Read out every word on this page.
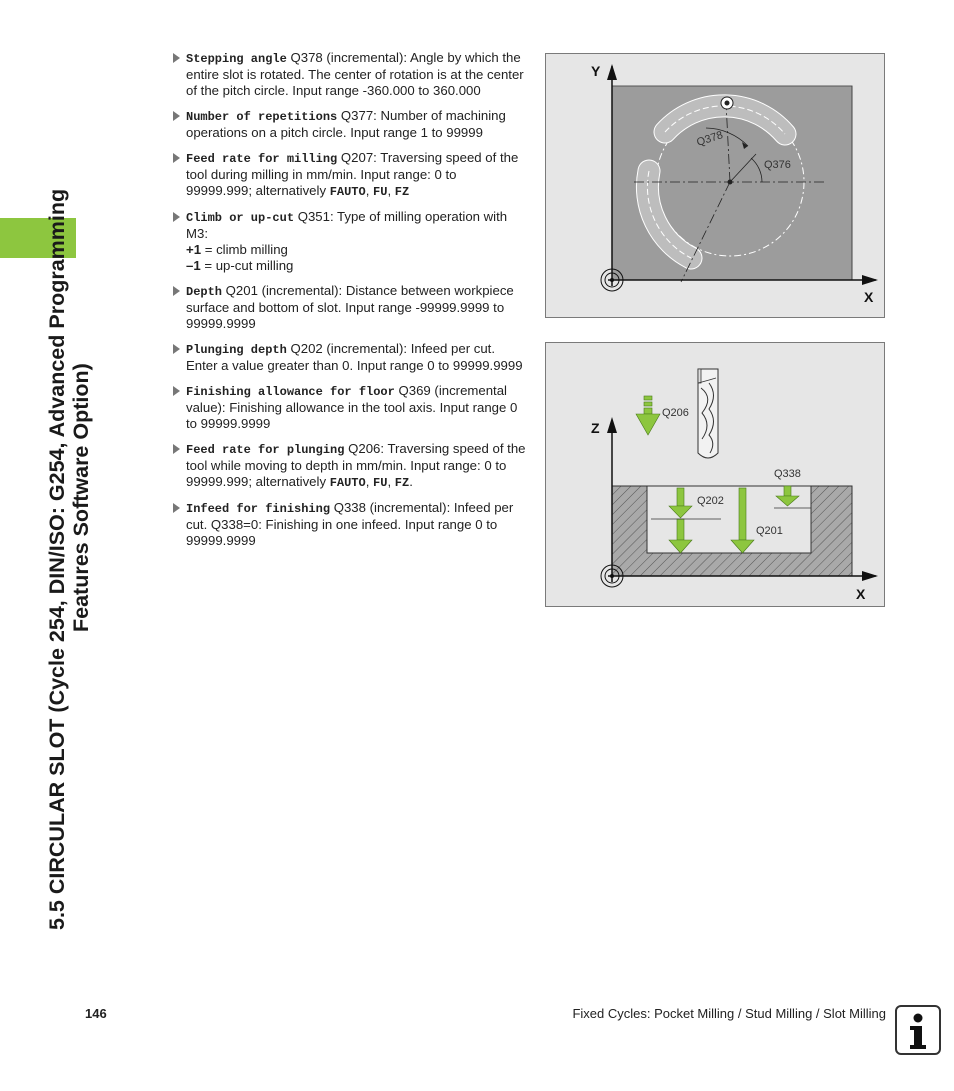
5.5 CIRCULAR SLOT (Cycle 254, DIN/ISO: G254, Advanced Programming Features Software Option)
Stepping angle Q378 (incremental): Angle by which the entire slot is rotated. The center of rotation is at the center of the pitch circle. Input range -360.000 to 360.000
Number of repetitions Q377: Number of machining operations on a pitch circle. Input range 1 to 99999
Feed rate for milling Q207: Traversing speed of the tool during milling in mm/min. Input range: 0 to 99999.999; alternatively FAUTO, FU, FZ
Climb or up-cut Q351: Type of milling operation with M3:
+1 = climb milling
–1 = up-cut milling
Depth Q201 (incremental): Distance between workpiece surface and bottom of slot. Input range -99999.9999 to 99999.9999
Plunging depth Q202 (incremental): Infeed per cut. Enter a value greater than 0. Input range 0 to 99999.9999
Finishing allowance for floor Q369 (incremental value): Finishing allowance in the tool axis. Input range 0 to 99999.9999
Feed rate for plunging Q206: Traversing speed of the tool while moving to depth in mm/min. Input range: 0 to 99999.999; alternatively FAUTO, FU, FZ.
Infeed for finishing Q338 (incremental): Infeed per cut. Q338=0: Finishing in one infeed. Input range 0 to 99999.9999
Y
X
Q378
Q376
Z
X
Q206
Q338
Q202
Q201
146	Fixed Cycles: Pocket Milling / Stud Milling / Slot Milling
